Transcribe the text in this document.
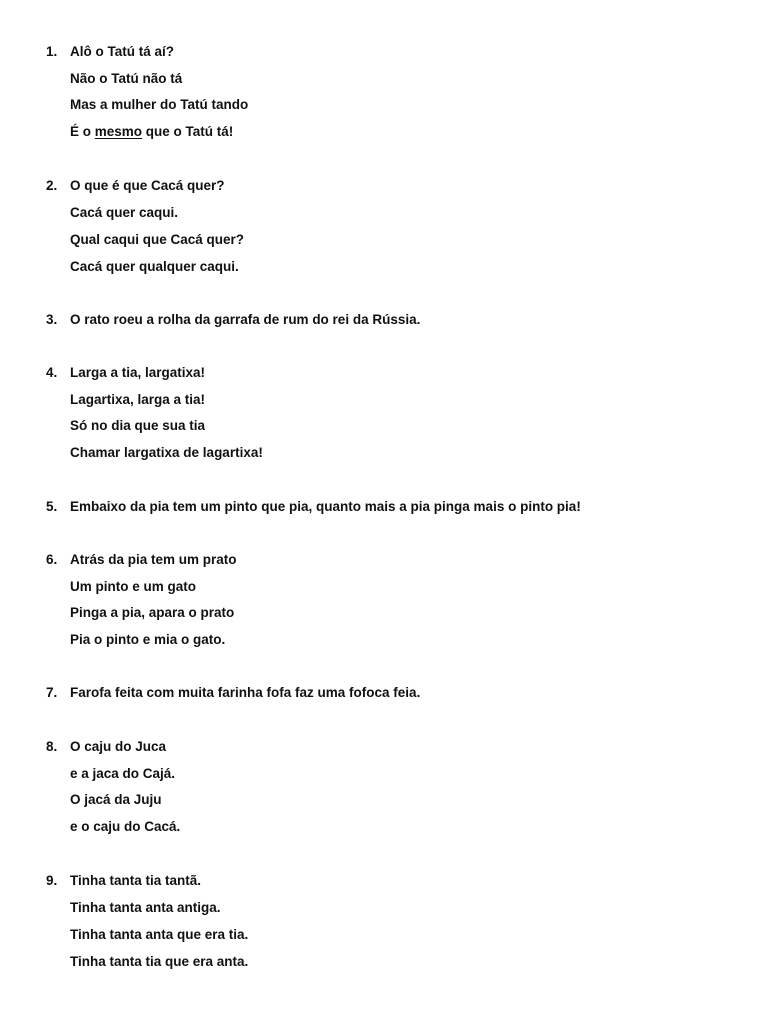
1. Alô o Tatú tá aí?
Não o Tatú não tá
Mas a mulher do Tatú tando
É o mesmo que o Tatú tá!
2. O que é que Cacá quer?
Cacá quer caqui.
Qual caqui que Cacá quer?
Cacá quer qualquer caqui.
3. O rato roeu a rolha da garrafa de rum do rei da Rússia.
4. Larga a tia, largatixa!
Lagartixa, larga a tia!
Só no dia que sua tia
Chamar largatixa de lagartixa!
5. Embaixo da pia tem um pinto que pia, quanto mais a pia pinga mais o pinto pia!
6. Atrás da pia tem um prato
Um pinto e um gato
Pinga a pia, apara o prato
Pia o pinto e mia o gato.
7. Farofa feita com muita farinha fofa faz uma fofoca feia.
8. O caju do Juca
e a jaca do Cajá.
O jacá da Juju
e o caju do Cacá.
9. Tinha tanta tia tantã.
Tinha tanta anta antiga.
Tinha tanta anta que era tia.
Tinha tanta tia que era anta.
